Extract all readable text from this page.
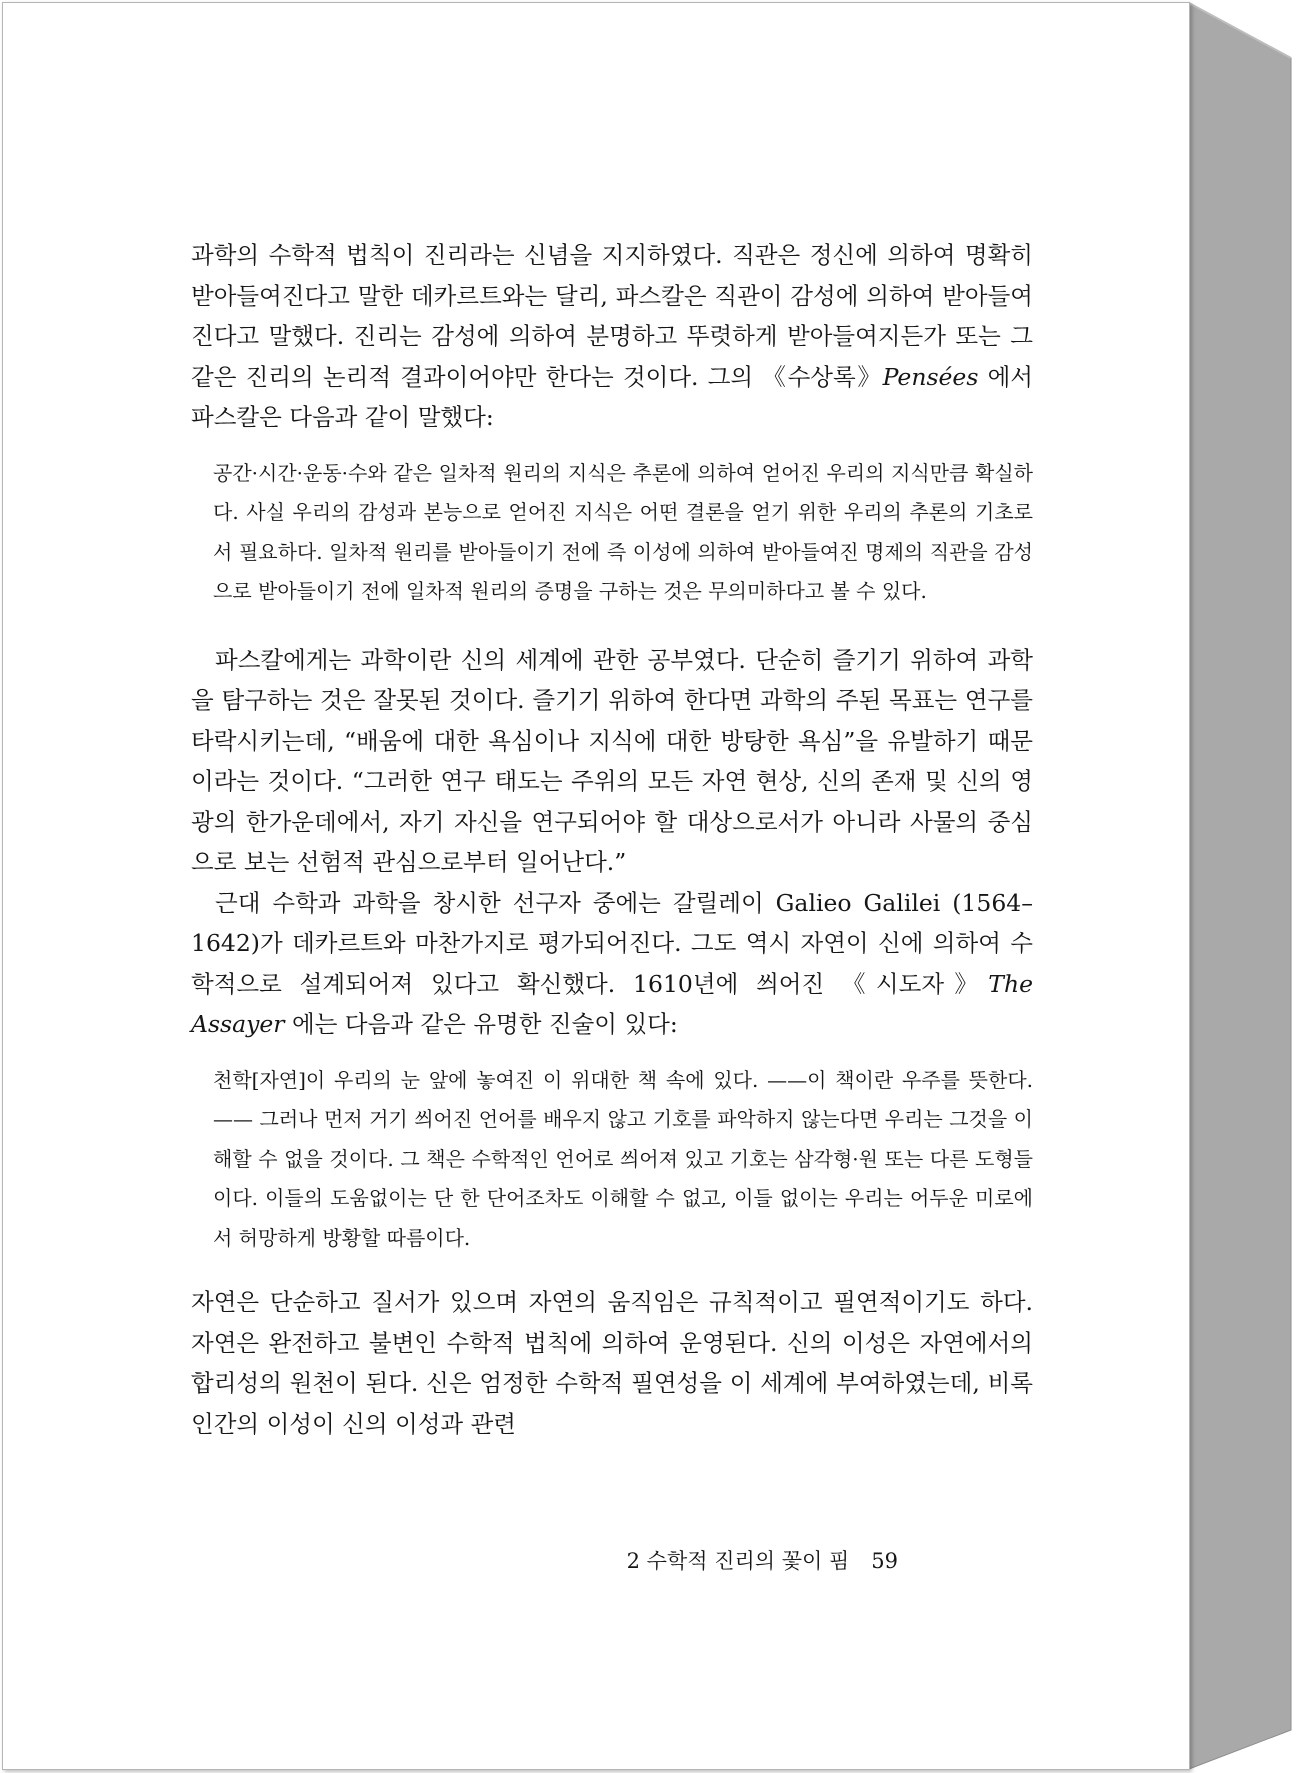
과학의 수학적 법칙이 진리라는 신념을 지지하였다. 직관은 정신에 의하여 명확히 받아들여진다고 말한 데카르트와는 달리, 파스칼은 직관이 감성에 의하여 받아들여진다고 말했다. 진리는 감성에 의하여 분명하고 뚜렷하게 받아들여지든가 또는 그같은 진리의 논리적 결과이어야만 한다는 것이다. 그의 《수상록》Pensées 에서 파스칼은 다음과 같이 말했다:

공간·시간·운동·수와 같은 일차적 원리의 지식은 추론에 의하여 얻어진 우리의 지식만큼 확실하다. 사실 우리의 감성과 본능으로 얻어진 지식은 어떤 결론을 얻기 위한 우리의 추론의 기초로서 필요하다. 일차적 원리를 받아들이기 전에 즉 이성에 의하여 받아들여진 명제의 직관을 감성으로 받아들이기 전에 일차적 원리의 증명을 구하는 것은 무의미하다고 볼 수 있다.

파스칼에게는 과학이란 신의 세계에 관한 공부였다. 단순히 즐기기 위하여 과학을 탐구하는 것은 잘못된 것이다. 즐기기 위하여 한다면 과학의 주된 목표는 연구를 타락시키는데, “배움에 대한 욕심이나 지식에 대한 방탕한 욕심”을 유발하기 때문이라는 것이다. “그러한 연구 태도는 주위의 모든 자연 현상, 신의 존재 및 신의 영광의 한가운데에서, 자기 자신을 연구되어야 할 대상으로서가 아니라 사물의 중심으로 보는 선험적 관심으로부터 일어난다.”

근대 수학과 과학을 창시한 선구자 중에는 갈릴레이 Galieo Galilei (1564–1642)가 데카르트와 마찬가지로 평가되어진다. 그도 역시 자연이 신에 의하여 수학적으로 설계되어져 있다고 확신했다. 1610년에 씌어진 《시도자》The Assayer 에는 다음과 같은 유명한 진술이 있다:

천학[자연]이 우리의 눈 앞에 놓여진 이 위대한 책 속에 있다. ——이 책이란 우주를 뜻한다.—— 그러나 먼저 거기 씌어진 언어를 배우지 않고 기호를 파악하지 않는다면 우리는 그것을 이해할 수 없을 것이다. 그 책은 수학적인 언어로 씌어져 있고 기호는 삼각형·원 또는 다른 도형들이다. 이들의 도움없이는 단 한 단어조차도 이해할 수 없고, 이들 없이는 우리는 어두운 미로에서 허망하게 방황할 따름이다.

자연은 단순하고 질서가 있으며 자연의 움직임은 규칙적이고 필연적이기도 하다. 자연은 완전하고 불변인 수학적 법칙에 의하여 운영된다. 신의 이성은 자연에서의 합리성의 원천이 된다. 신은 엄정한 수학적 필연성을 이 세계에 부여하였는데, 비록 인간의 이성이 신의 이성과 관련

2 수학적 진리의 꽃이 핌 59
